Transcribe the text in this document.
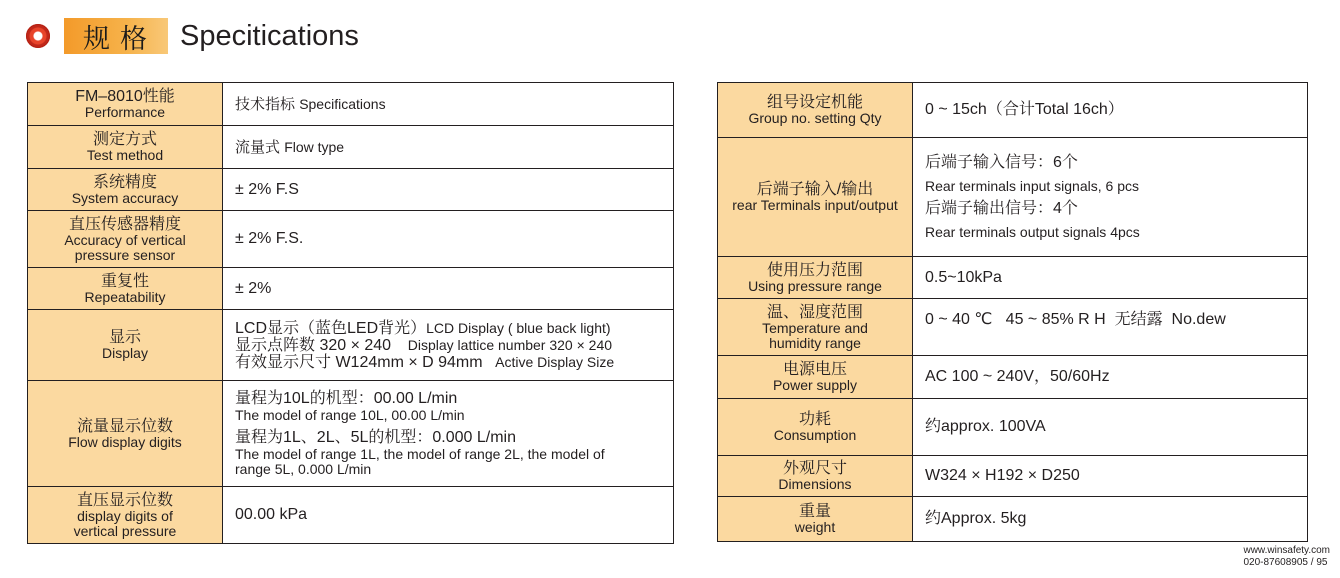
规格 Specitications
FM–8010性能
Performance	技术指标 Specifications

测定方式
Test method	流量式 Flow type

系统精度
System accuracy	± 2% F.S

直压传感器精度
Accuracy of vertical
pressure sensor	± 2% F.S.

重复性
Repeatability	± 2%

显示
Display	LCD显示（蓝色LED背光）LCD Display ( blue back light)
显示点阵数 320 × 240 Display lattice number 320 × 240
有效显示尺寸 W124mm × D 94mm Active Display Size

流量显示位数
Flow display digits	量程为10L的机型：00.00 L/min
The model of range 10L, 00.00 L/min
量程为1L、2L、5L的机型：0.000 L/min
The model of range 1L, the model of range 2L, the model of
range 5L, 0.000 L/min

直压显示位数
display digits of
vertical pressure	00.00 kPa
组号设定机能
Group no. setting Qty	0 ~ 15ch（合计Total 16ch）

后端子输入/输出
rear Terminals input/output	后端子输入信号：6个
Rear terminals input signals, 6 pcs
后端子输出信号：4个
Rear terminals output signals 4pcs

使用压力范围
Using pressure range	0.5~10kPa

温、湿度范围
Temperature and
humidity range	0 ~ 40 ℃   45 ~ 85% R H  无结露  No.dew

电源电压
Power supply	AC 100 ~ 240V，50/60Hz

功耗
Consumption	约approx. 100VA

外观尺寸
Dimensions	W324 × H192 × D250

重量
weight	约Approx. 5kg
www.winsafety.com
020-87608905 / 95
